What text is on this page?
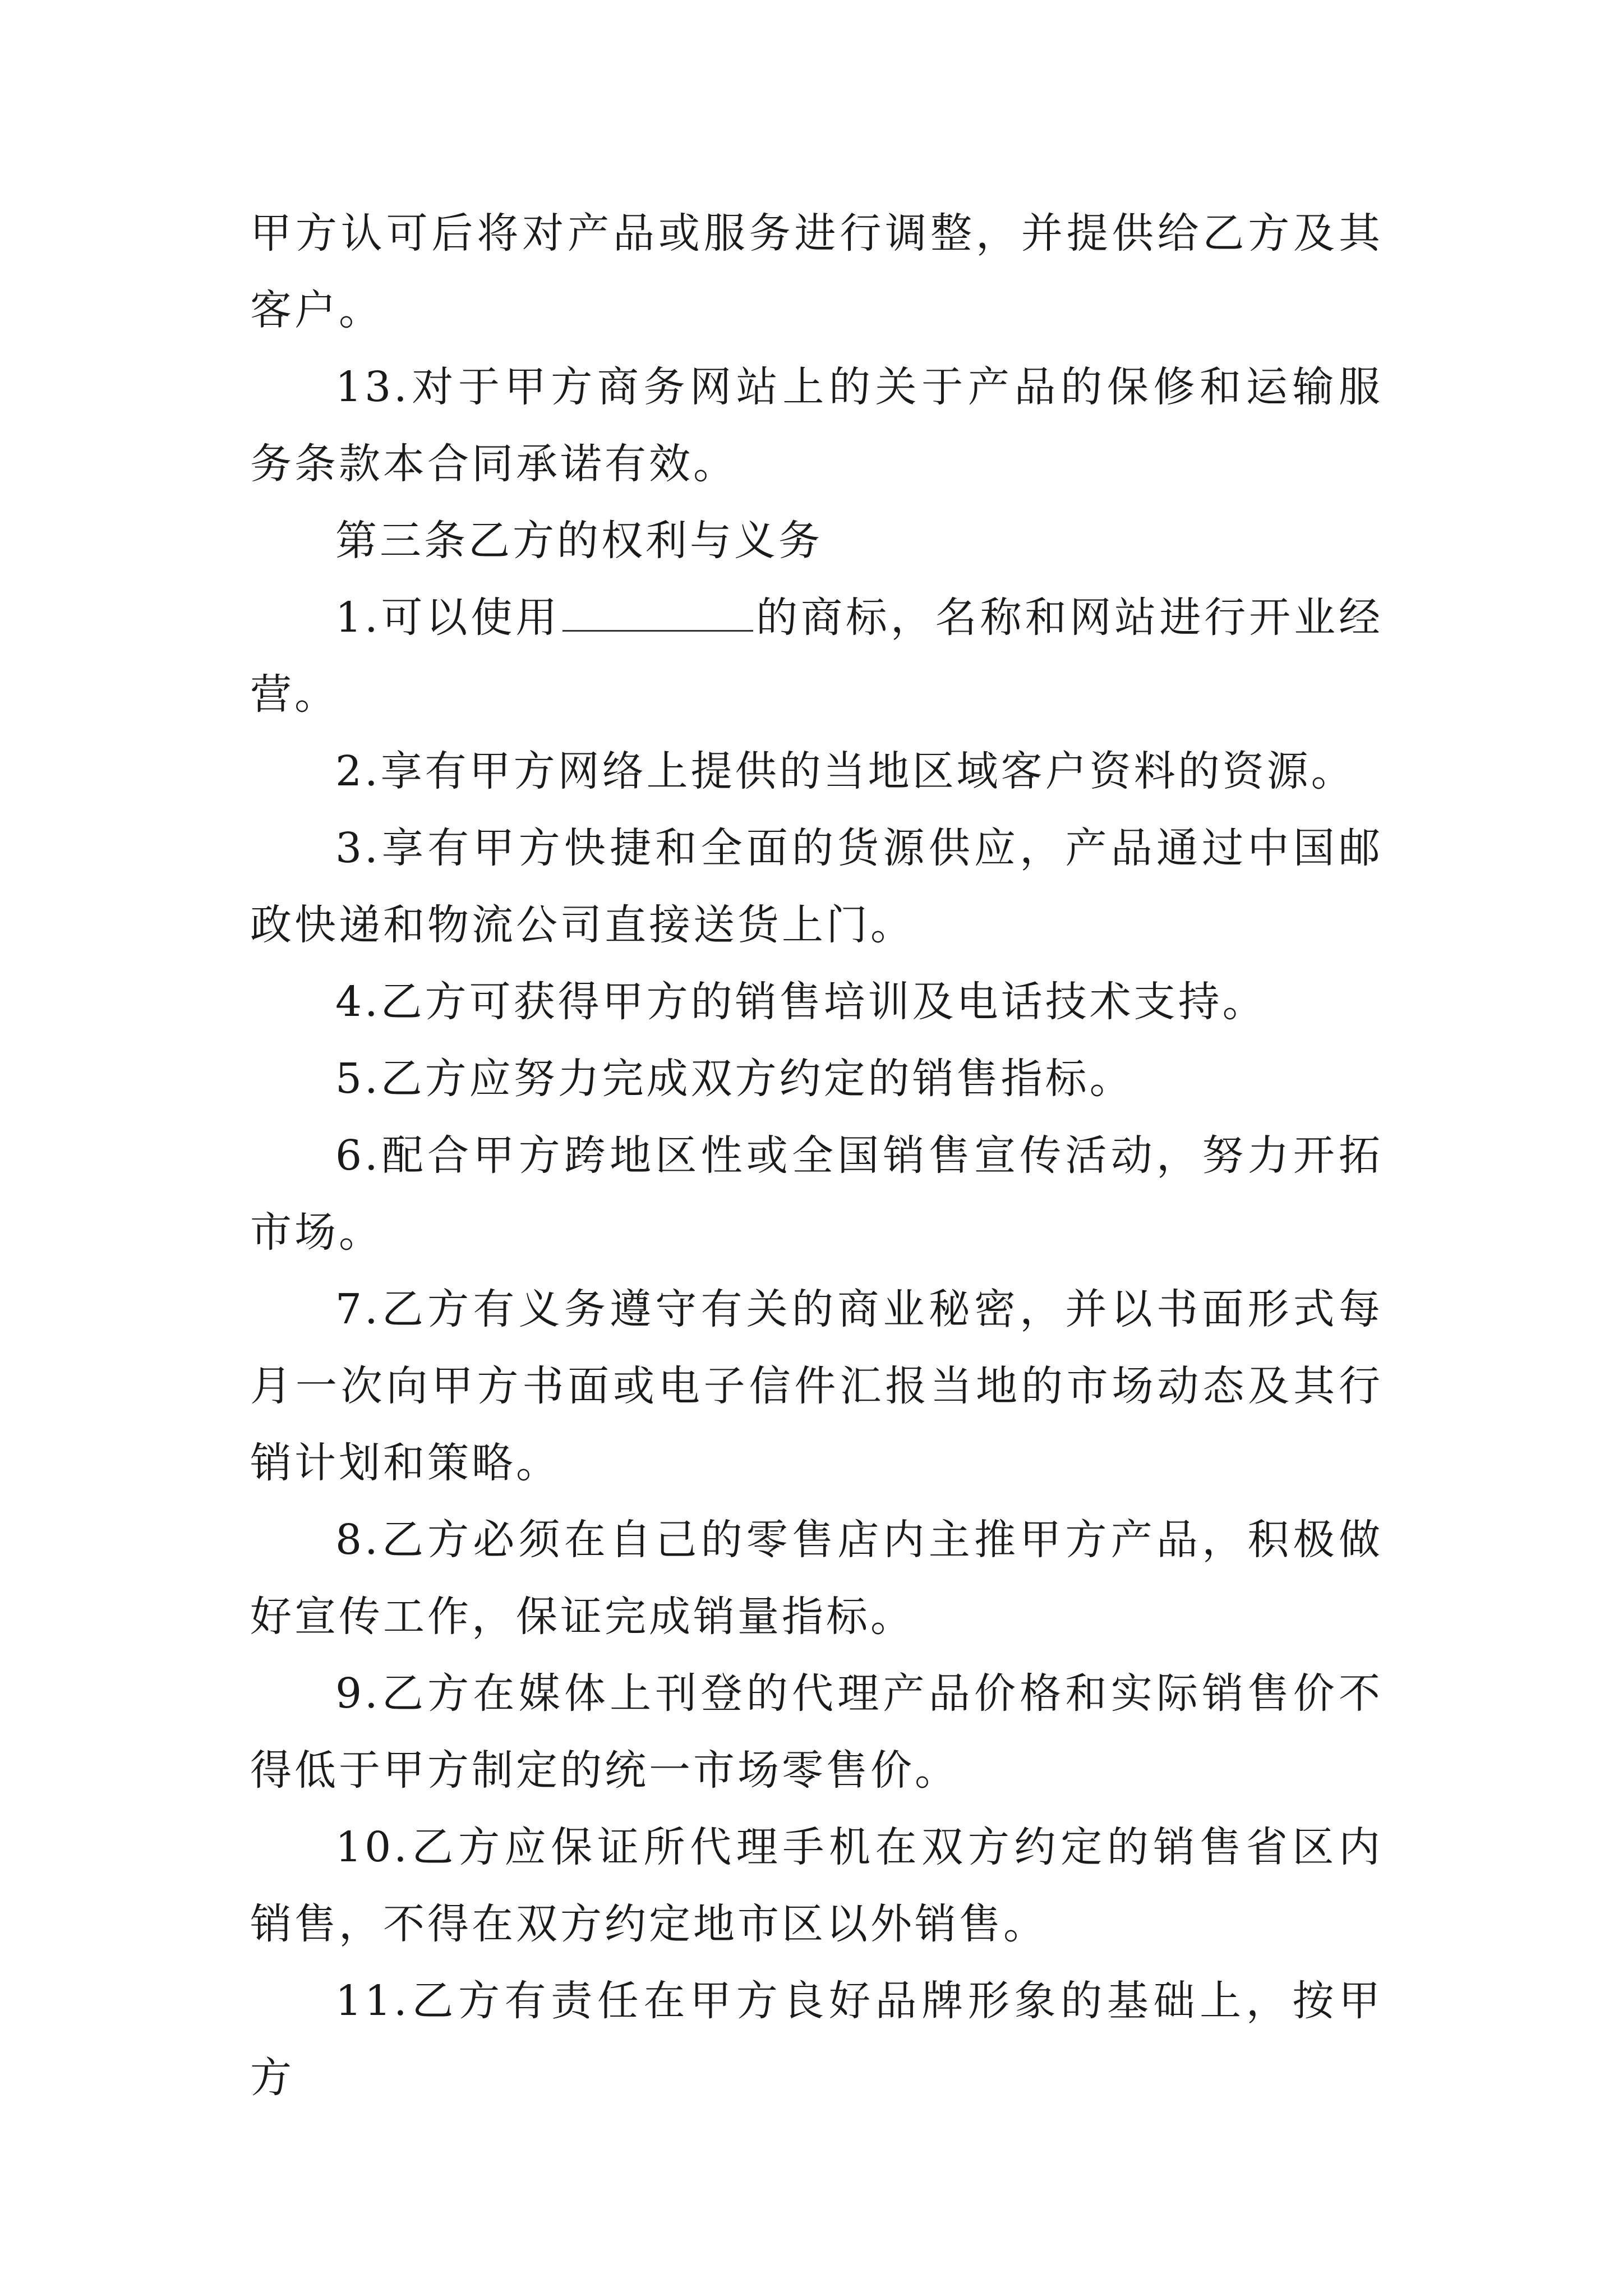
甲方认可后将对产品或服务进行调整，并提供给乙方及其客户。

13.对于甲方商务网站上的关于产品的保修和运输服务条款本合同承诺有效。

第三条乙方的权利与义务

1.可以使用	的商标，名称和网站进行开业经营。

2.享有甲方网络上提供的当地区域客户资料的资源。

3.享有甲方快捷和全面的货源供应，产品通过中国邮政快递和物流公司直接送货上门。

4.乙方可获得甲方的销售培训及电话技术支持。

5.乙方应努力完成双方约定的销售指标。

6.配合甲方跨地区性或全国销售宣传活动，努力开拓市场。

7.乙方有义务遵守有关的商业秘密，并以书面形式每月一次向甲方书面或电子信件汇报当地的市场动态及其行销计划和策略。

8.乙方必须在自己的零售店内主推甲方产品，积极做好宣传工作，保证完成销量指标。

9.乙方在媒体上刊登的代理产品价格和实际销售价不得低于甲方制定的统一市场零售价。

10.乙方应保证所代理手机在双方约定的销售省区内销售，不得在双方约定地市区以外销售。

11.乙方有责任在甲方良好品牌形象的基础上，按甲方
